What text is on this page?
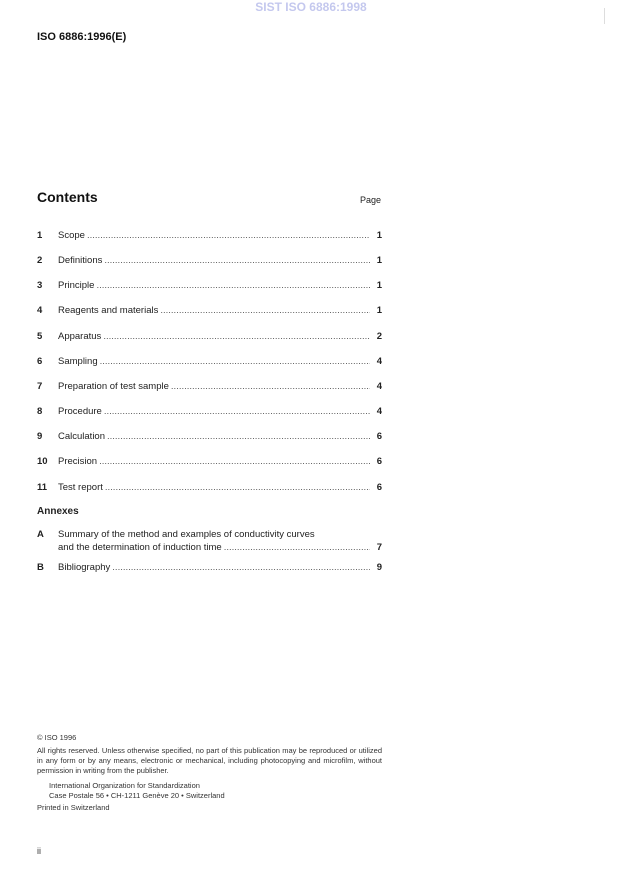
SIST ISO 6886:1998
ISO 6886:1996(E)
Contents	Page
1	Scope .....	1
2	Definitions .....	1
3	Principle .....	1
4	Reagents and materials .....	1
5	Apparatus .....	2
6	Sampling .....	4
7	Preparation of test sample .....	4
8	Procedure .....	4
9	Calculation .....	6
10	Precision .....	6
11	Test report .....	6
Annexes
A	Summary of the method and examples of conductivity curves
and the determination of induction time .....	7
B	Bibliography .....	9
© ISO 1996
All rights reserved. Unless otherwise specified, no part of this publication may be reproduced or utilized in any form or by any means, electronic or mechanical, including photocopying and microfilm, without permission in writing from the publisher.
International Organization for Standardization
Case Postale 56 • CH-1211 Genève 20 • Switzerland
Printed in Switzerland
ii
